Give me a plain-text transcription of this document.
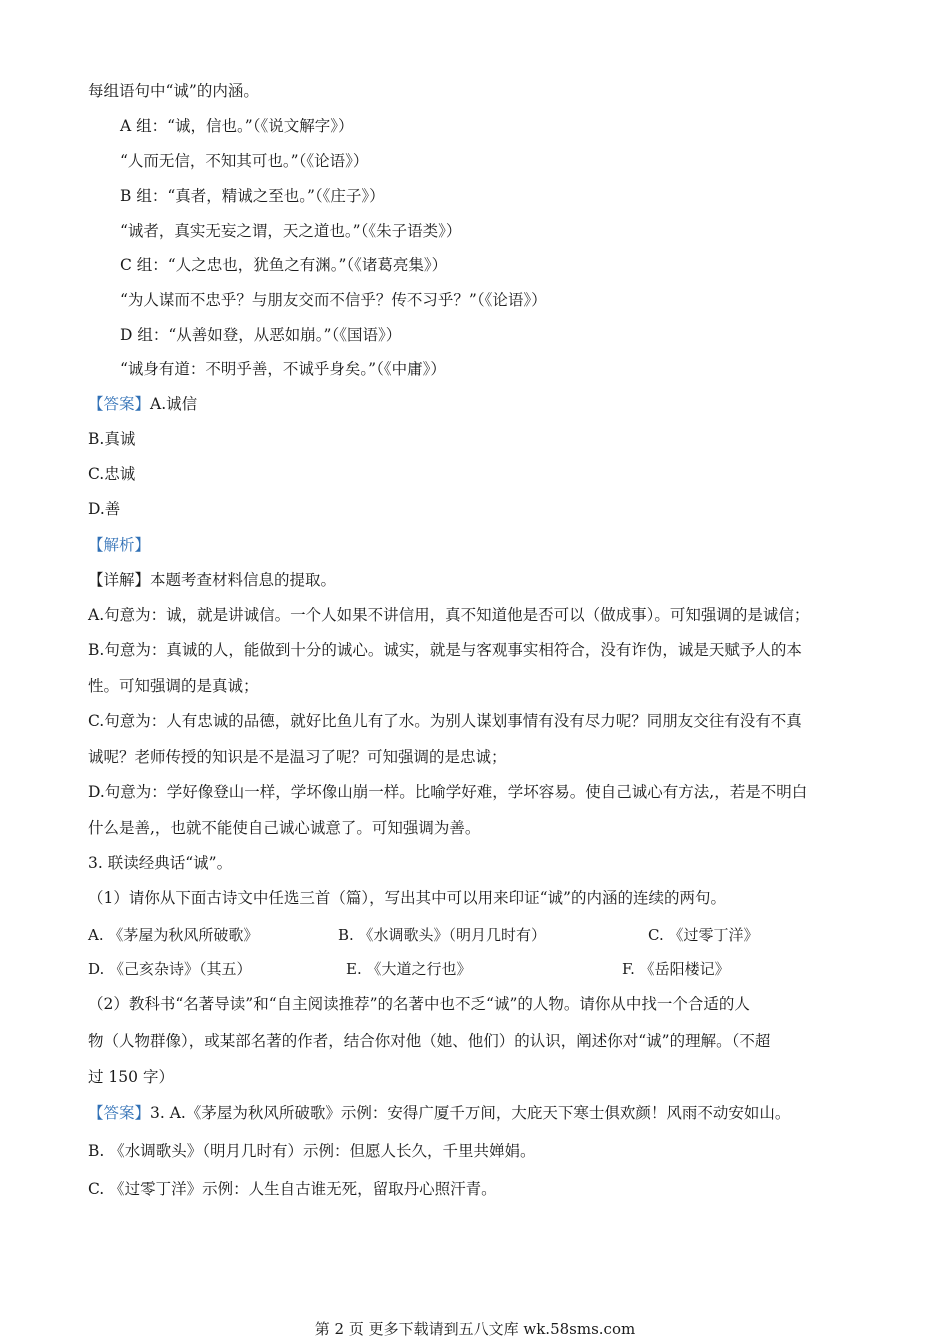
每组语句中“诚”的内涵。
A 组：“诚，信也。”（《说文解字》）
“人而无信，不知其可也。”（《论语》）
B 组：“真者，精诚之至也。”（《庄子》）
“诚者，真实无妄之谓，天之道也。”（《朱子语类》）
C 组：“人之忠也，犹鱼之有渊。”（《诸葛亮集》）
“为人谋而不忠乎？与朋友交而不信乎？传不习乎？”（《论语》）
D 组：“从善如登，从恶如崩。”（《国语》）
“诚身有道：不明乎善，不诚乎身矣。”（《中庸》）
【答案】A.诚信
B.真诚
C.忠诚
D.善
【解析】
【详解】本题考查材料信息的提取。
A.句意为：诚，就是讲诚信。一个人如果不讲信用，真不知道他是否可以（做成事）。可知强调的是诚信；
B.句意为：真诚的人，能做到十分的诚心。诚实，就是与客观事实相符合，没有诈伪，诚是天赋予人的本
性。可知强调的是真诚；
C.句意为：人有忠诚的品德，就好比鱼儿有了水。为别人谋划事情有没有尽力呢？同朋友交往有没有不真
诚呢？老师传授的知识是不是温习了呢？可知强调的是忠诚；
D.句意为：学好像登山一样，学坏像山崩一样。比喻学好难，学坏容易。使自己诚心有方法,，若是不明白
什么是善,，也就不能使自己诚心诚意了。可知强调为善。
3. 联读经典话“诚”。
（1）请你从下面古诗文中任选三首（篇），写出其中可以用来印证“诚”的内涵的连续的两句。
A. 《茅屋为秋风所破歌》	B. 《水调歌头》（明月几时有）	C. 《过零丁洋》
D. 《己亥杂诗》（其五）	E. 《大道之行也》	F. 《岳阳楼记》
（2）教科书“名著导读”和“自主阅读推荐”的名著中也不乏“诚”的人物。请你从中找一个合适的人
物（人物群像），或某部名著的作者，结合你对他（她、他们）的认识，阐述你对“诚”的理解。（不超
过 150 字）
【答案】3. A.《茅屋为秋风所破歌》示例：安得广厦千万间，大庇天下寒士俱欢颜！风雨不动安如山。
B. 《水调歌头》（明月几时有）示例：但愿人长久，千里共婵娟。
C. 《过零丁洋》示例：人生自古谁无死，留取丹心照汗青。
第 2 页 更多下载请到五八文库 wk.58sms.com
